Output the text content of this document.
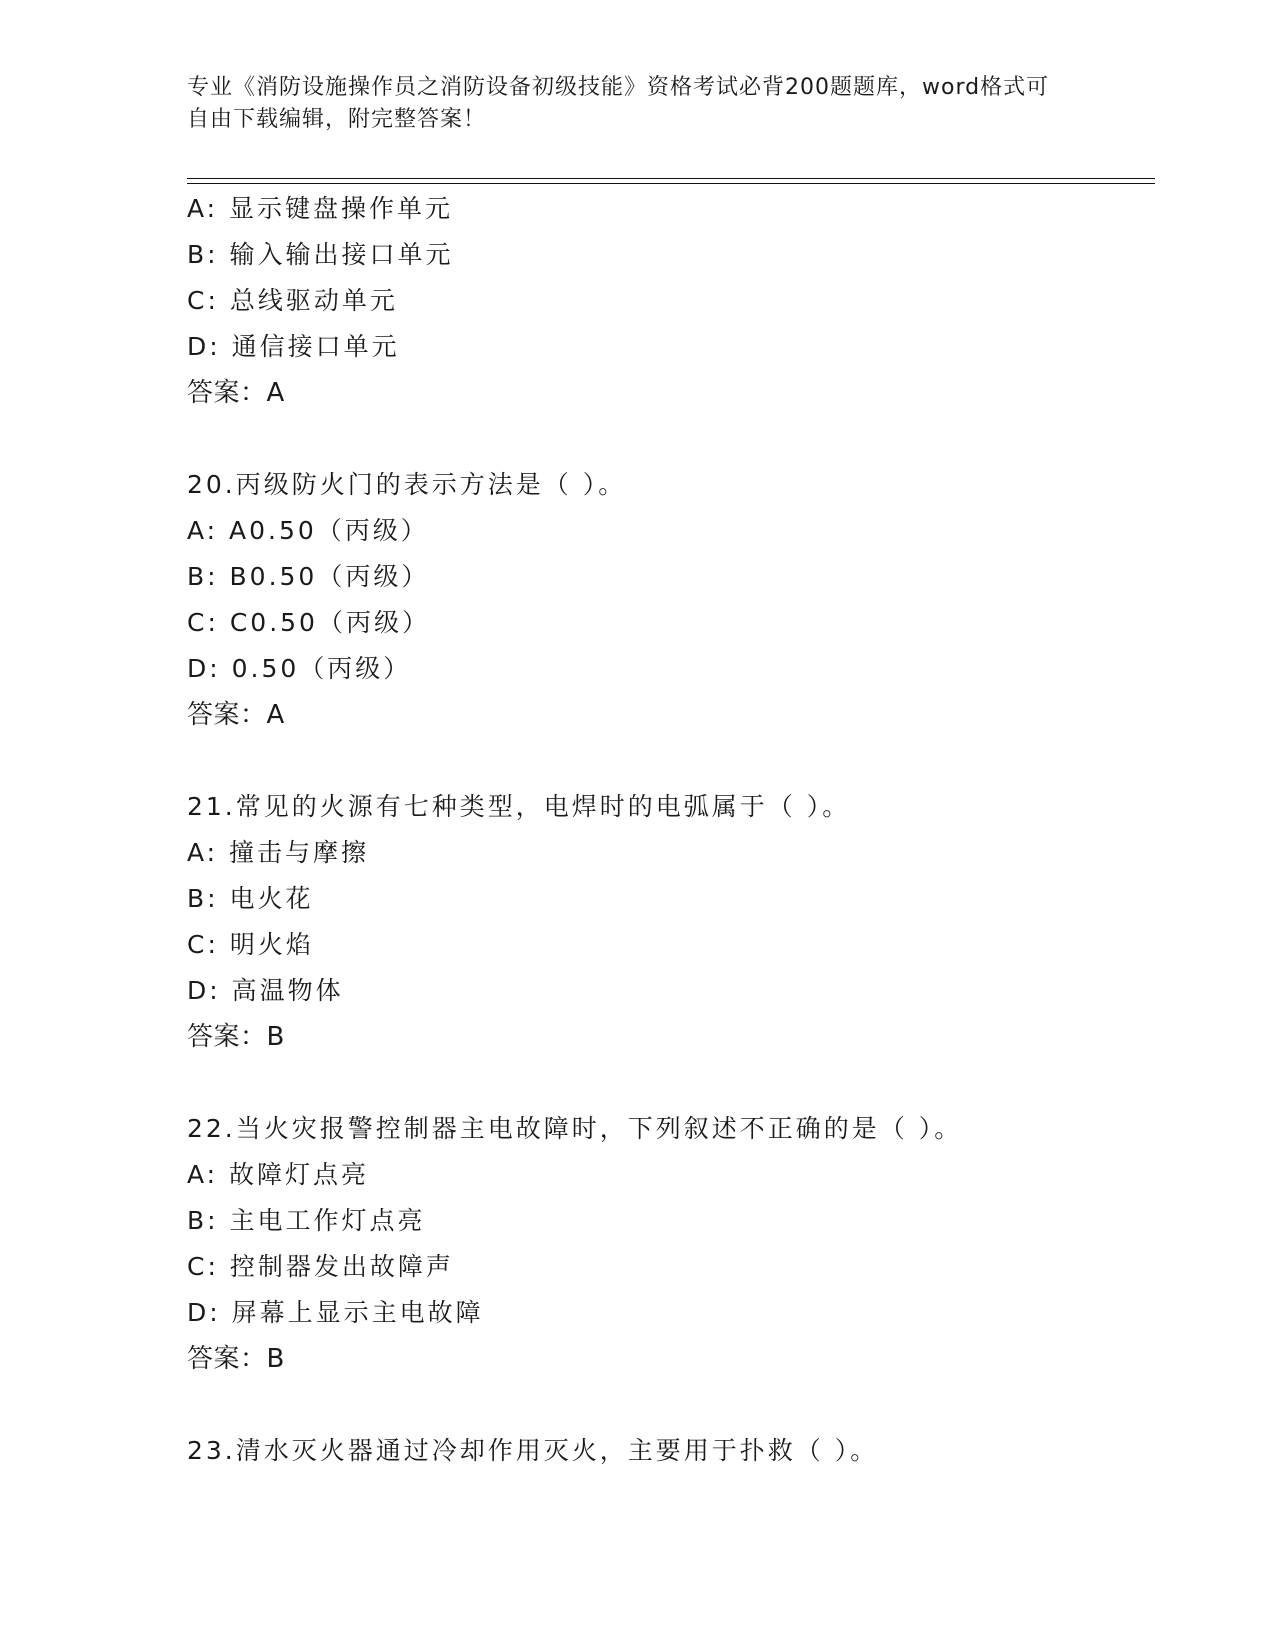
专业《消防设施操作员之消防设备初级技能》资格考试必背200题题库，word格式可自由下载编辑，附完整答案！
A: 显示键盘操作单元
B: 输入输出接口单元
C: 总线驱动单元
D: 通信接口单元
答案：A
20.丙级防火门的表示方法是（ ）。
A: A0.50（丙级）
B: B0.50（丙级）
C: C0.50（丙级）
D: 0.50（丙级）
答案：A
21.常见的火源有七种类型，电焊时的电弧属于（ ）。
A: 撞击与摩擦
B: 电火花
C: 明火焰
D: 高温物体
答案：B
22.当火灾报警控制器主电故障时，下列叙述不正确的是（ ）。
A: 故障灯点亮
B: 主电工作灯点亮
C: 控制器发出故障声
D: 屏幕上显示主电故障
答案：B
23.清水灭火器通过冷却作用灭火，主要用于扑救（ ）。
